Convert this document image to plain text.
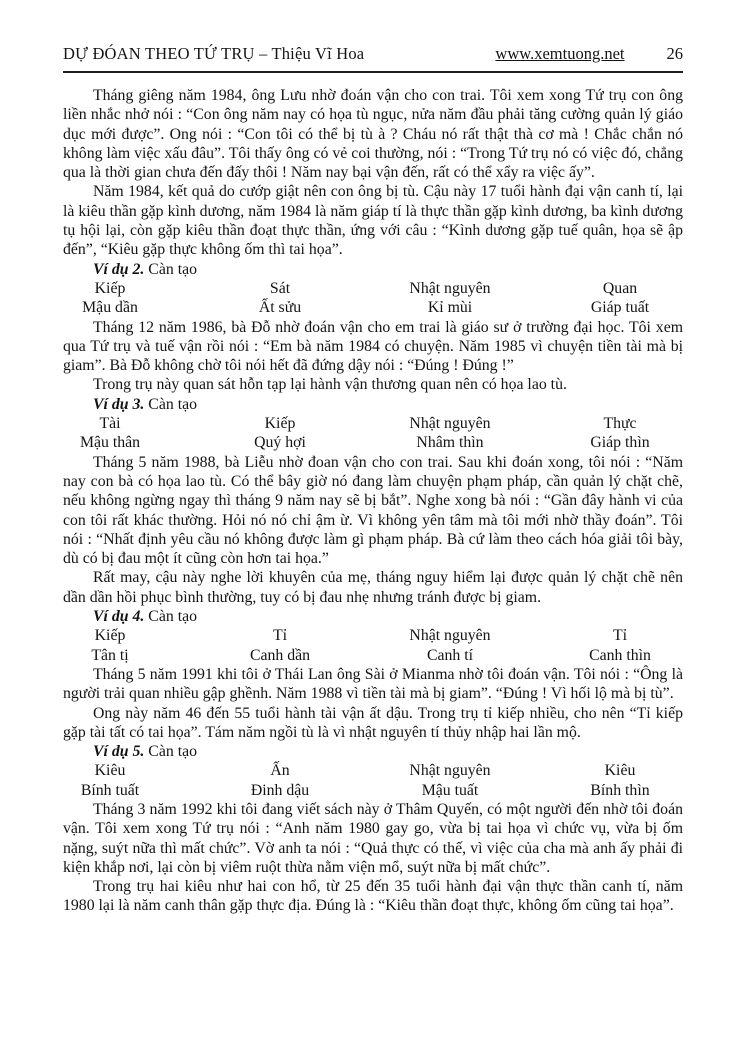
DỰ ĐÓAN THEO TỨ TRỤ – Thiệu Vĩ Hoa	www.xemtuong.net	26

Tháng giêng năm 1984, ông Lưu nhờ đoán vận cho con trai. Tôi xem xong Tứ trụ con ông liền nhắc nhở nói : “Con ông năm nay có họa tù ngục, nửa năm đầu phải tăng cường quản lý giáo dục mới được”. Ong nói : “Con tôi có thể bị tù à ? Cháu nó rất thật thà cơ mà ! Chắc chắn nó không làm việc xấu đâu”. Tôi thấy ông có vẻ coi thường, nói : “Trong Tứ trụ nó có việc đó, chẳng qua là thời gian chưa đến đấy thôi ! Năm nay bại vận đến, rất có thể xẩy ra việc ấy”.

Năm 1984, kết quả do cướp giật nên con ông bị tù. Cậu này 17 tuổi hành đại vận canh tí, lại là kiêu thần gặp kình dương, năm 1984 là năm giáp tí là thực thần gặp kình dương, ba kình dương tụ hội lại, còn gặp kiêu thần đoạt thực thần, ứng với câu : “Kình dương gặp tuế quân, họa sẽ ập đến”, “Kiêu gặp thực không ốm thì tai họa”.

Ví dụ 2. Càn tạo
Kiếp	Sát	Nhật nguyên	Quan
Mậu dần	Ất sửu	Kỉ mùi	Giáp tuất

Tháng 12 năm 1986, bà Đỗ nhờ đoán vận cho em trai là giáo sư ở trường đại học. Tôi xem qua Tứ trụ và tuế vận rồi nói : “Em bà năm 1984 có chuyện. Năm 1985 vì chuyện tiền tài mà bị giam”. Bà Đỗ không chờ tôi nói hết đã đứng dậy nói : “Đúng ! Đúng !”

Trong trụ này quan sát hỗn tạp lại hành vận thương quan nên có họa lao tù.

Ví dụ 3. Càn tạo
Tài	Kiếp	Nhật nguyên	Thực
Mậu thân	Quý hợi	Nhâm thìn	Giáp thìn

Tháng 5 năm 1988, bà Liễu nhờ đoan vận cho con trai. Sau khi đoán xong, tôi nói : “Năm nay con bà có họa lao tù. Có thể bây giờ nó đang làm chuyện phạm pháp, cần quản lý chặt chẽ, nếu không ngừng ngay thì tháng 9 năm nay sẽ bị bắt”. Nghe xong bà nói : “Gần đây hành vi của con tôi rất khác thường. Hỏi nó nó chỉ ậm ừ. Vì không yên tâm mà tôi mới nhờ thầy đoán”. Tôi nói : “Nhất định yêu cầu nó không được làm gì phạm pháp. Bà cứ làm theo cách hóa giải tôi bày, dù có bị đau một ít cũng còn hơn tai họa.”

Rất may, cậu này nghe lời khuyên của mẹ, tháng nguy hiểm lại được quản lý chặt chẽ nên dần dần hồi phục bình thường, tuy có bị đau nhẹ nhưng tránh được bị giam.

Ví dụ 4. Càn tạo
Kiếp	Tỉ	Nhật nguyên	Tỉ
Tân tị	Canh dần	Canh tí	Canh thìn

Tháng 5 năm 1991 khi tôi ở Thái Lan ông Sài ở Mianma nhờ tôi đoán vận. Tôi nói : “Ông là người trải quan nhiều gập ghềnh. Năm 1988 vì tiền tài mà bị giam”. “Đúng ! Vì hối lộ mà bị tù”.

Ong này năm 46 đến 55 tuổi hành tài vận ất dậu. Trong trụ tỉ kiếp nhiều, cho nên “Tỉ kiếp gặp tài tất có tai họa”. Tám năm ngồi tù là vì nhật nguyên tí thủy nhập hai lần mộ.

Ví dụ 5. Càn tạo
Kiêu	Ấn	Nhật nguyên	Kiêu
Bính tuất	Đinh dậu	Mậu tuất	Bính thìn

Tháng 3 năm 1992 khi tôi đang viết sách này ở Thâm Quyến, có một người đến nhờ tôi đoán vận. Tôi xem xong Tứ trụ nói : “Anh năm 1980 gay go, vừa bị tai họa vì chức vụ, vừa bị ốm nặng, suýt nữa thì mất chức”. Vờ anh ta nói : “Quả thực có thế, vì việc của cha mà anh ấy phải đi kiện khắp nơi, lại còn bị viêm ruột thừa nằm viện mổ, suýt nữa bị mất chức”.

Trong trụ hai kiêu như hai con hổ, từ 25 đến 35 tuổi hành đại vận thực thần canh tí, năm 1980 lại là năm canh thân gặp thực địa. Đúng là : “Kiêu thần đoạt thực, không ốm cũng tai họa”.
